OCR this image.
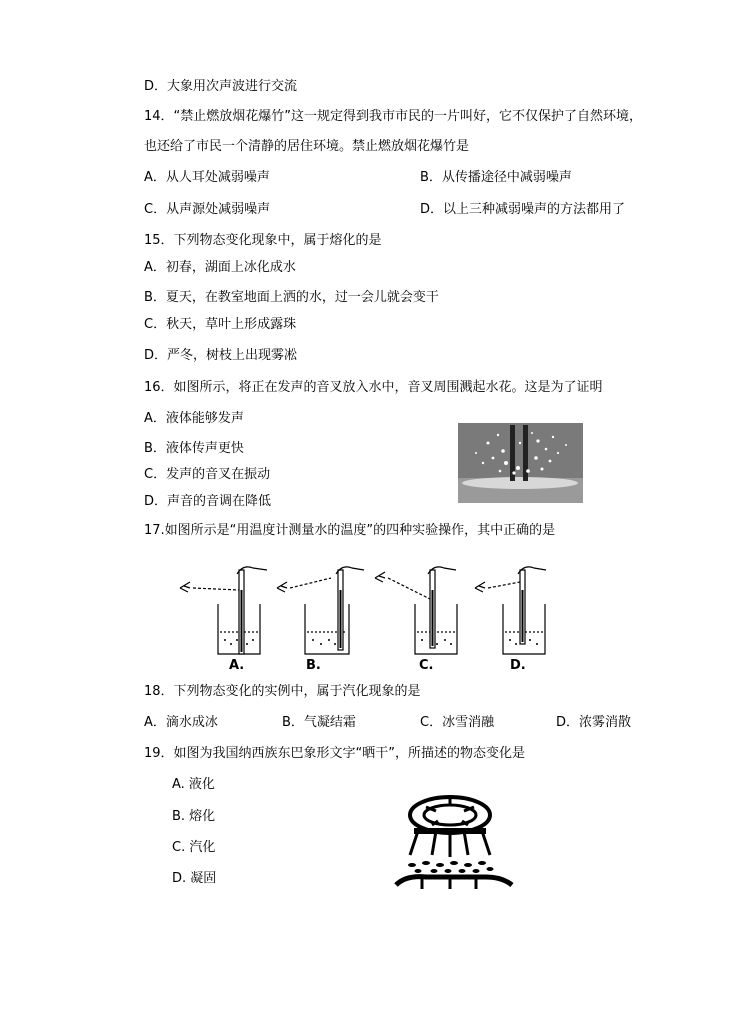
D．大象用次声波进行交流
14．“禁止燃放烟花爆竹”这一规定得到我市市民的一片叫好，它不仅保护了自然环境，
也还给了市民一个清静的居住环境。禁止燃放烟花爆竹是
A．从人耳处减弱噪声	B．从传播途径中减弱噪声
C．从声源处减弱噪声	D．以上三种减弱噪声的方法都用了
15．下列物态变化现象中，属于熔化的是
A．初春，湖面上冰化成水
B．夏天，在教室地面上洒的水，过一会儿就会变干
C．秋天，草叶上形成露珠
D．严冬，树枝上出现雾凇
16．如图所示，将正在发声的音叉放入水中，音叉周围溅起水花。这是为了证明
A．液体能够发声
B．液体传声更快
C．发声的音叉在振动
D．声音的音调在降低
17.如图所示是“用温度计测量水的温度”的四种实验操作，其中正确的是
A.	B.	C.	D.
18．下列物态变化的实例中，属于汽化现象的是
A．滴水成冰	B．气凝结霜	C．冰雪消融	D．浓雾消散
19．如图为我国纳西族东巴象形文字“晒干”，所描述的物态变化是
A. 液化
B. 熔化
C. 汽化
D. 凝固
